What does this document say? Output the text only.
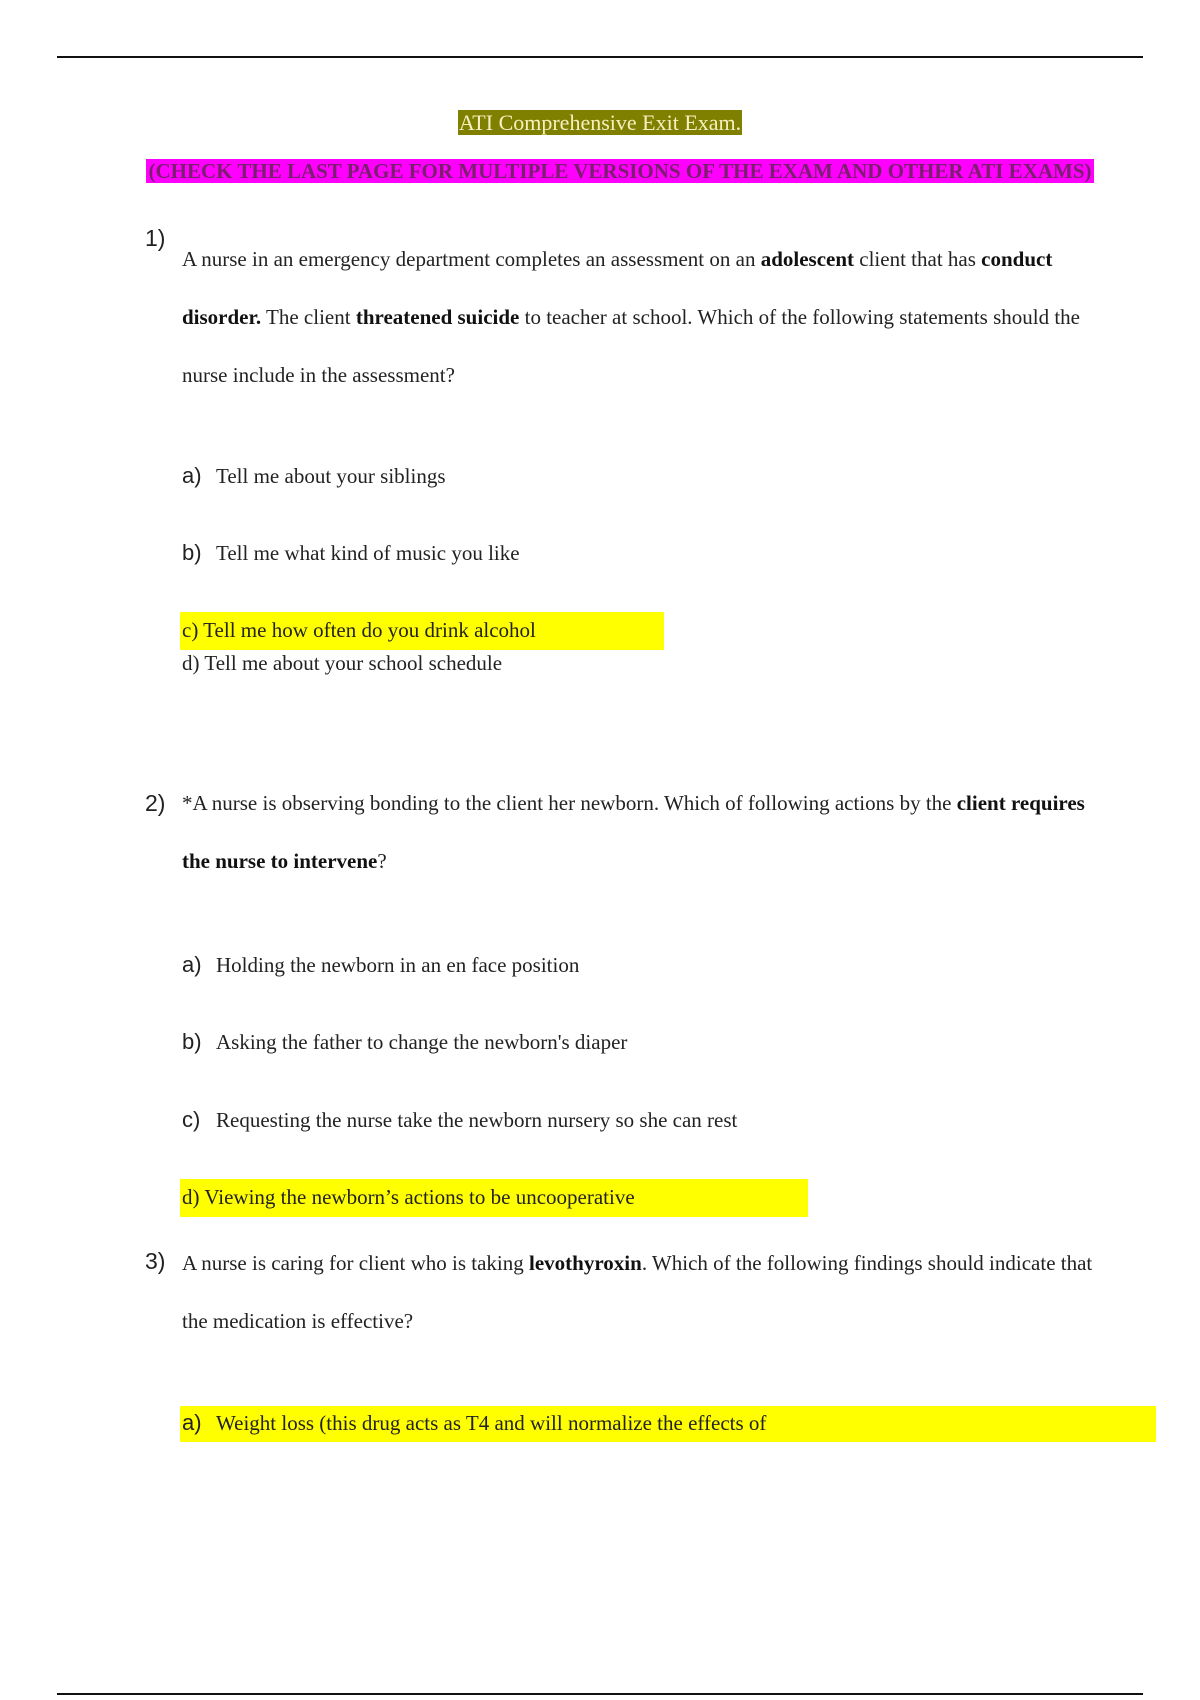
ATI Comprehensive Exit Exam.
(CHECK THE LAST PAGE FOR MULTIPLE VERSIONS OF THE EXAM AND OTHER ATI EXAMS)
1)
A nurse in an emergency department completes an assessment on an adolescent client that has conduct disorder. The client threatened suicide to teacher at school. Which of the following statements should the nurse include in the assessment?
a) Tell me about your siblings
b) Tell me what kind of music you like
c) Tell me how often do you drink alcohol
d) Tell me about your school schedule
2) *A nurse is observing bonding to the client her newborn. Which of following actions by the client requires the nurse to intervene?
a) Holding the newborn in an en face position
b) Asking the father to change the newborn's diaper
c) Requesting the nurse take the newborn nursery so she can rest
d) Viewing the newborn’s actions to be uncooperative
3) A nurse is caring for client who is taking levothyroxin. Which of the following findings should indicate that the medication is effective?
a) Weight loss (this drug acts as T4 and will normalize the effects of
